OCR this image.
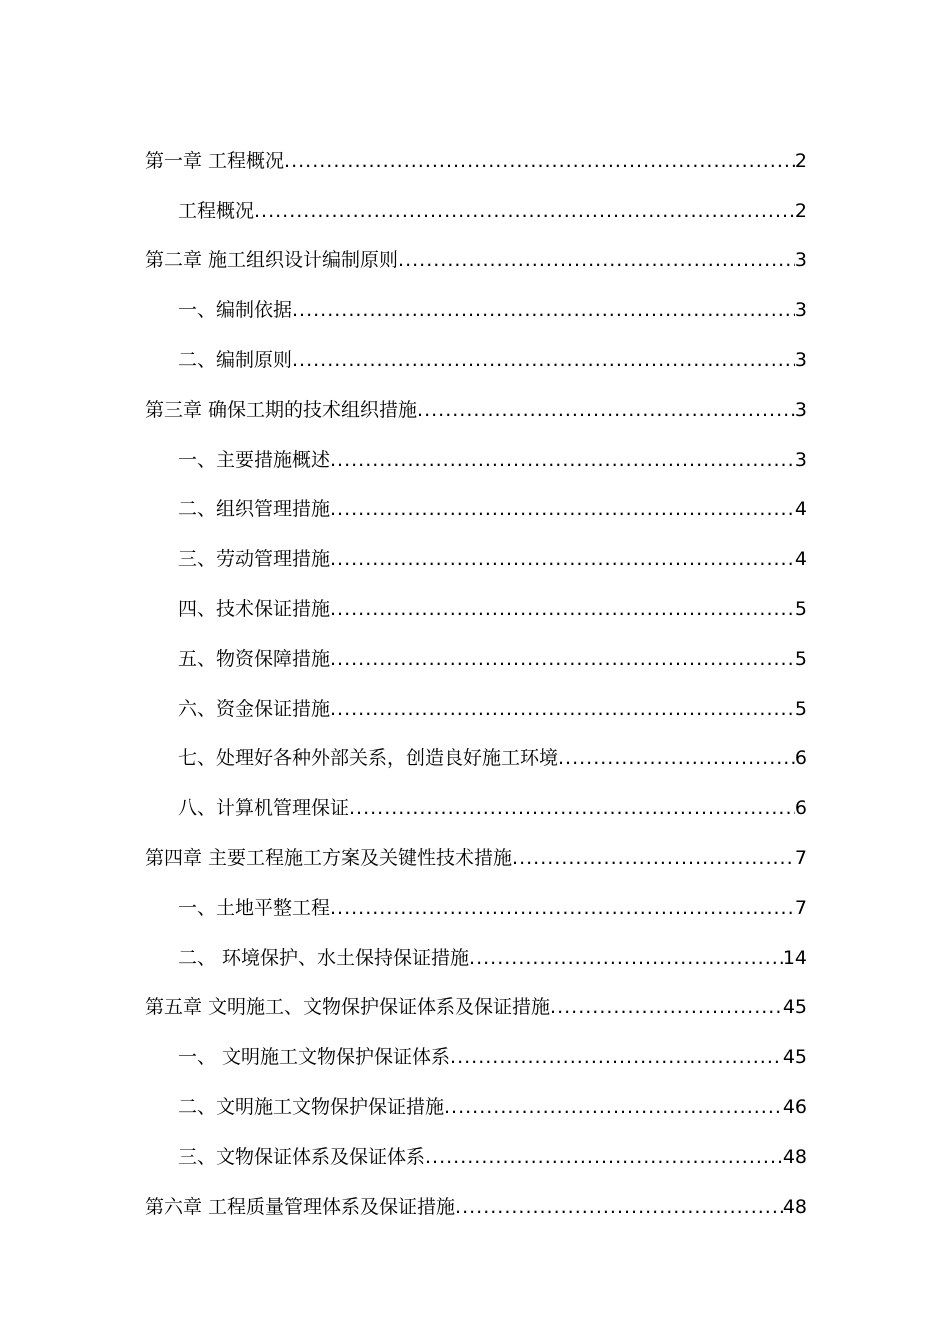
第一章 工程概况 .....	2
工程概况 .....	2
第二章 施工组织设计编制原则 .....	3
一、编制依据 .....	3
二、编制原则 .....	3
第三章 确保工期的技术组织措施 .....	3
一、主要措施概述 .....	3
二、组织管理措施 .....	4
三、劳动管理措施 .....	4
四、技术保证措施 .....	5
五、物资保障措施 .....	5
六、资金保证措施 .....	5
七、处理好各种外部关系，创造良好施工环境 .....	6
八、计算机管理保证 .....	6
第四章 主要工程施工方案及关键性技术措施 .....	7
一、土地平整工程 .....	7
二、 环境保护、水土保持保证措施 .....	14
第五章 文明施工、文物保护保证体系及保证措施 .....	45
一、 文明施工文物保护保证体系 .....	45
二、文明施工文物保护保证措施 .....	46
三、文物保证体系及保证体系 .....	48
第六章 工程质量管理体系及保证措施 .....	48
